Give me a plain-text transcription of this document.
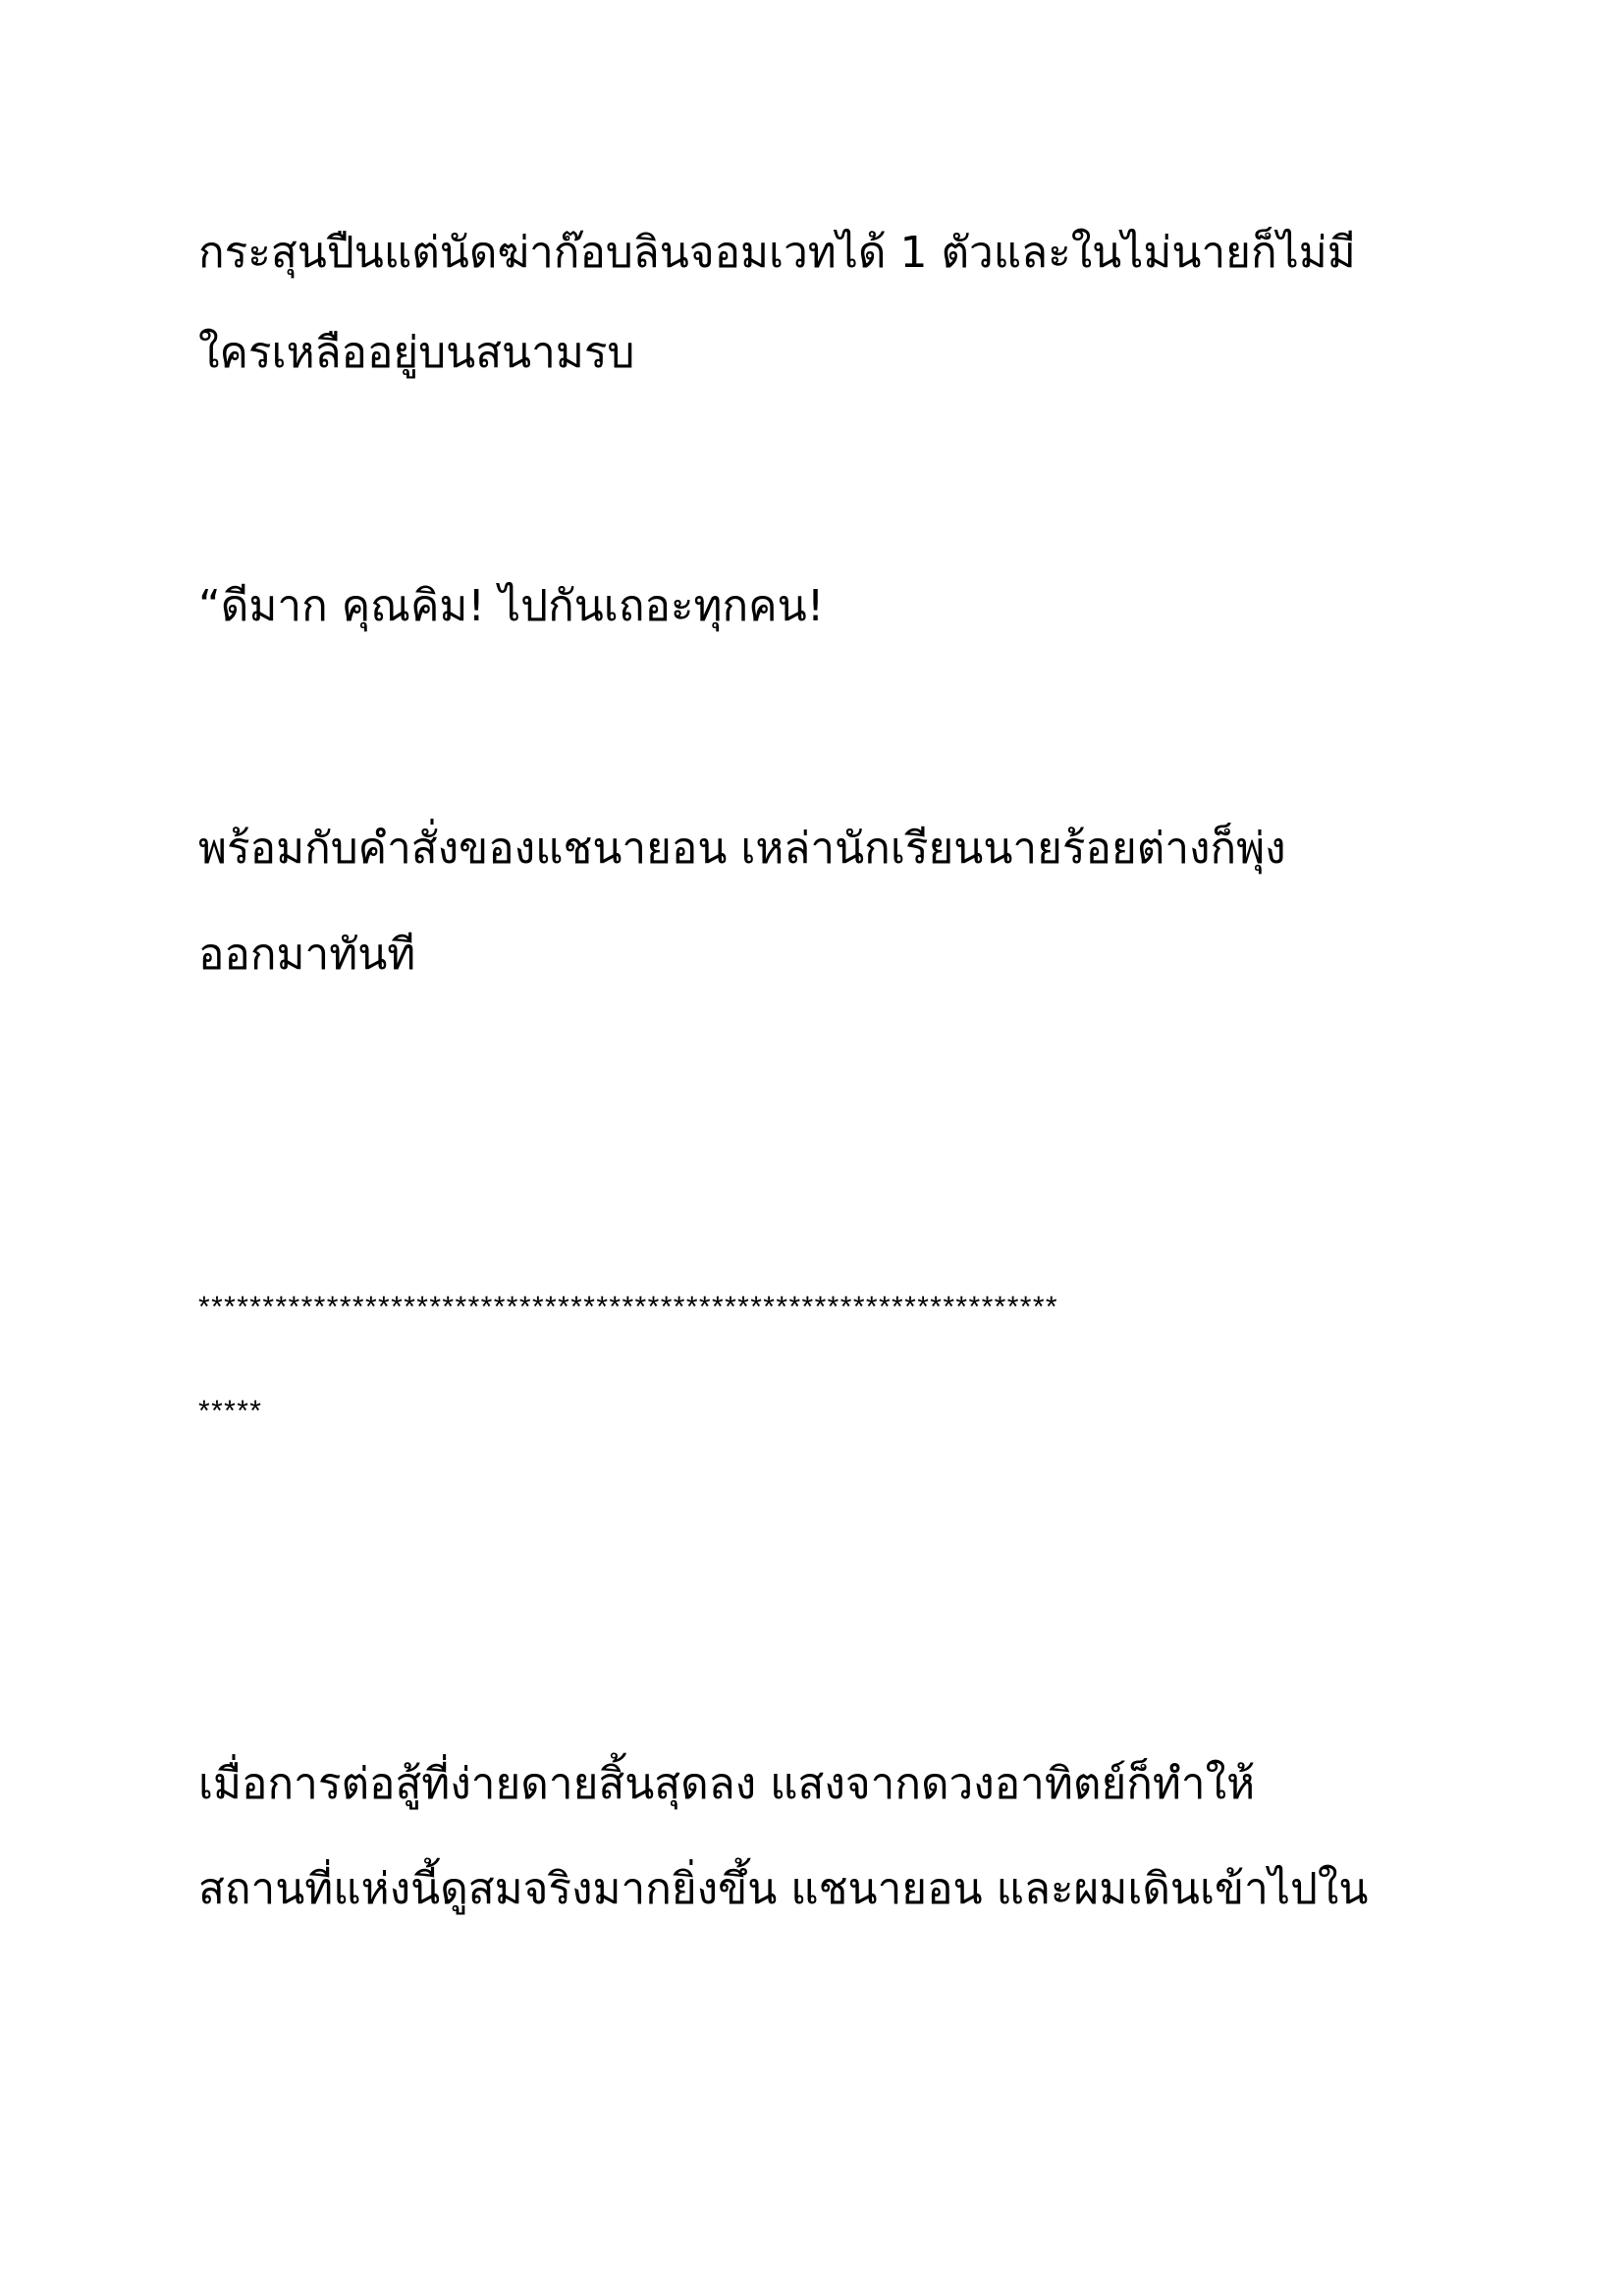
กระสุนปืนแต่นัดฆ่าก๊อบลินจอมเวทได้ 1 ตัวและในไม่นายก็ไม่มี
ใครเหลืออยู่บนสนามรบ
“ดีมาก คุณคิม! ไปกันเถอะทุกคน!
พร้อมกับคำสั่งของแชนายอน เหล่านักเรียนนายร้อยต่างก็พุ่ง
ออกมาทันที
*******************************************************************
*****
เมื่อการต่อสู้ที่ง่ายดายสิ้นสุดลง แสงจากดวงอาทิตย์ก็ทำให้
สถานที่แห่งนี้ดูสมจริงมากยิ่งขึ้น แชนายอน และผมเดินเข้าไปใน
